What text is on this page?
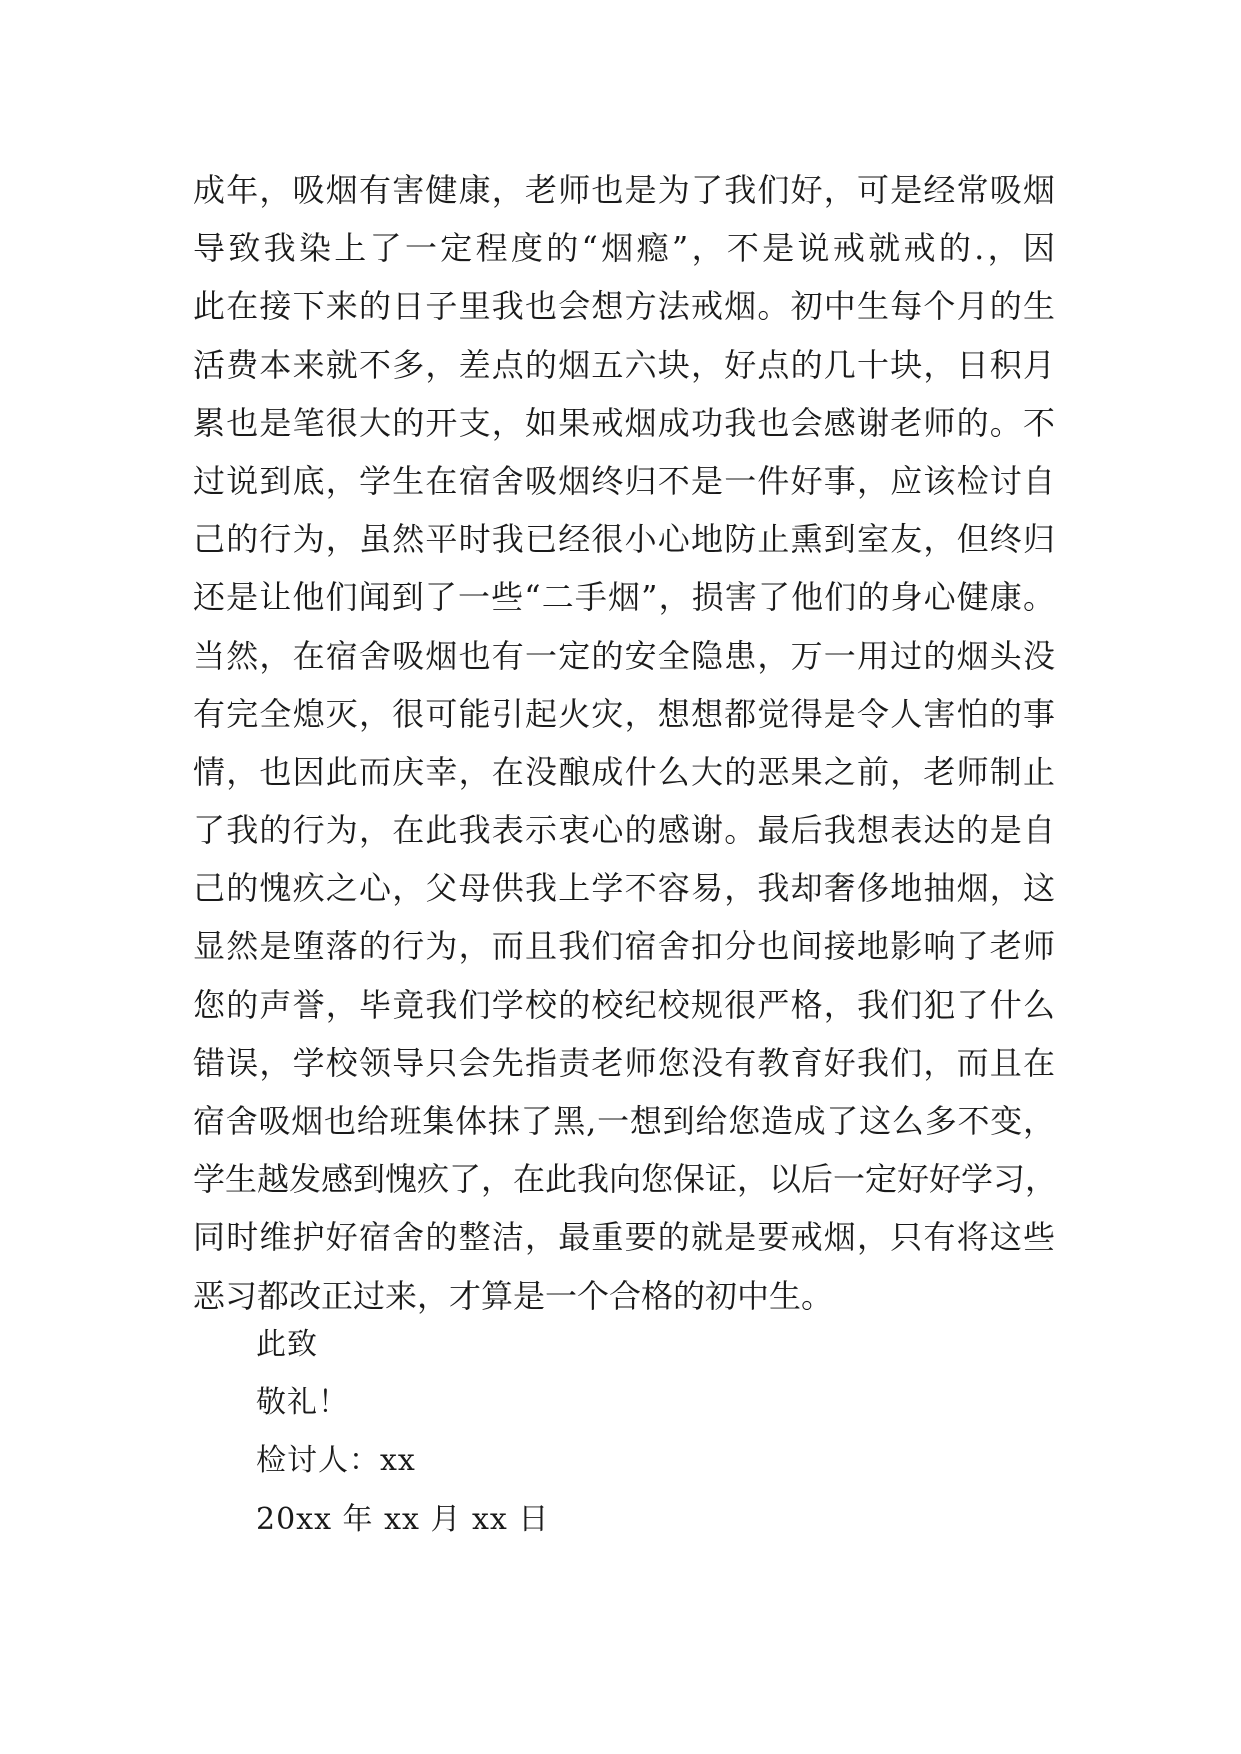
成年，吸烟有害健康，老师也是为了我们好，可是经常吸烟
导致我染上了一定程度的“烟瘾”，不是说戒就戒的.，因
此在接下来的日子里我也会想方法戒烟。初中生每个月的生
活费本来就不多，差点的烟五六块，好点的几十块，日积月
累也是笔很大的开支，如果戒烟成功我也会感谢老师的。不
过说到底，学生在宿舍吸烟终归不是一件好事，应该检讨自
己的行为，虽然平时我已经很小心地防止熏到室友，但终归
还是让他们闻到了一些“二手烟”，损害了他们的身心健康。
当然，在宿舍吸烟也有一定的安全隐患，万一用过的烟头没
有完全熄灭，很可能引起火灾，想想都觉得是令人害怕的事
情，也因此而庆幸，在没酿成什么大的恶果之前，老师制止
了我的行为，在此我表示衷心的感谢。最后我想表达的是自
己的愧疚之心，父母供我上学不容易，我却奢侈地抽烟，这
显然是堕落的行为，而且我们宿舍扣分也间接地影响了老师
您的声誉，毕竟我们学校的校纪校规很严格，我们犯了什么
错误，学校领导只会先指责老师您没有教育好我们，而且在
宿舍吸烟也给班集体抹了黑,一想到给您造成了这么多不变，
学生越发感到愧疚了，在此我向您保证，以后一定好好学习，
同时维护好宿舍的整洁，最重要的就是要戒烟，只有将这些
恶习都改正过来，才算是一个合格的初中生。
此致
敬礼！
检讨人：xx
20xx 年 xx 月 xx 日
